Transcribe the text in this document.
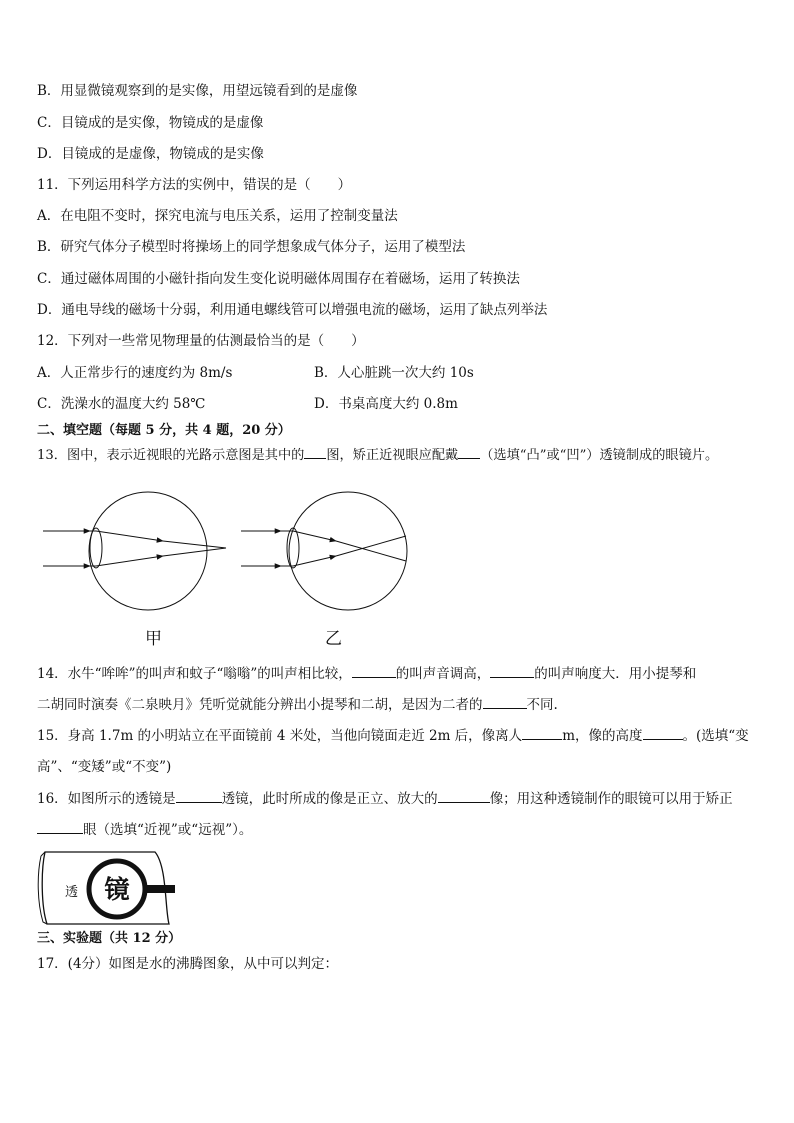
B．用显微镜观察到的是实像，用望远镜看到的是虚像
C．目镜成的是实像，物镜成的是虚像
D．目镜成的是虚像，物镜成的是实像
11．下列运用科学方法的实例中，错误的是（　　）
A．在电阻不变时，探究电流与电压关系，运用了控制变量法
B．研究气体分子模型时将操场上的同学想象成气体分子，运用了模型法
C．通过磁体周围的小磁针指向发生变化说明磁体周围存在着磁场，运用了转换法
D．通电导线的磁场十分弱，利用通电螺线管可以增强电流的磁场，运用了缺点列举法
12．下列对一些常见物理量的估测最恰当的是（　　）
A．人正常步行的速度约为 8m/s	B．人心脏跳一次大约 10s
C．洗澡水的温度大约 58℃	D．书桌高度大约 0.8m
二、填空题（每题 5 分，共 4 题，20 分）
13．图中，表示近视眼的光路示意图是其中的 图，矫正近视眼应配戴 （选填“凸”或“凹”）透镜制成的眼镜片。
甲	乙
14．水牛“哞哞”的叫声和蚊子“嗡嗡”的叫声相比较，	的叫声音调高，	的叫声响度大．用小提琴和
二胡同时演奏《二泉映月》凭听觉就能分辨出小提琴和二胡，是因为二者的	不同.
15．身高 1.7m 的小明站立在平面镜前 4 米处，当他向镜面走近 2m 后，像离人	m，像的高度	。(选填“变
高”、“变矮”或“不变”)
16．如图所示的透镜是	透镜，此时所成的像是正立、放大的	像；用这种透镜制作的眼镜可以用于矫正
眼（选填“近视”或“远视”）。
透 镜
三、实验题（共 12 分）
17．(4分）如图是水的沸腾图象，从中可以判定：
